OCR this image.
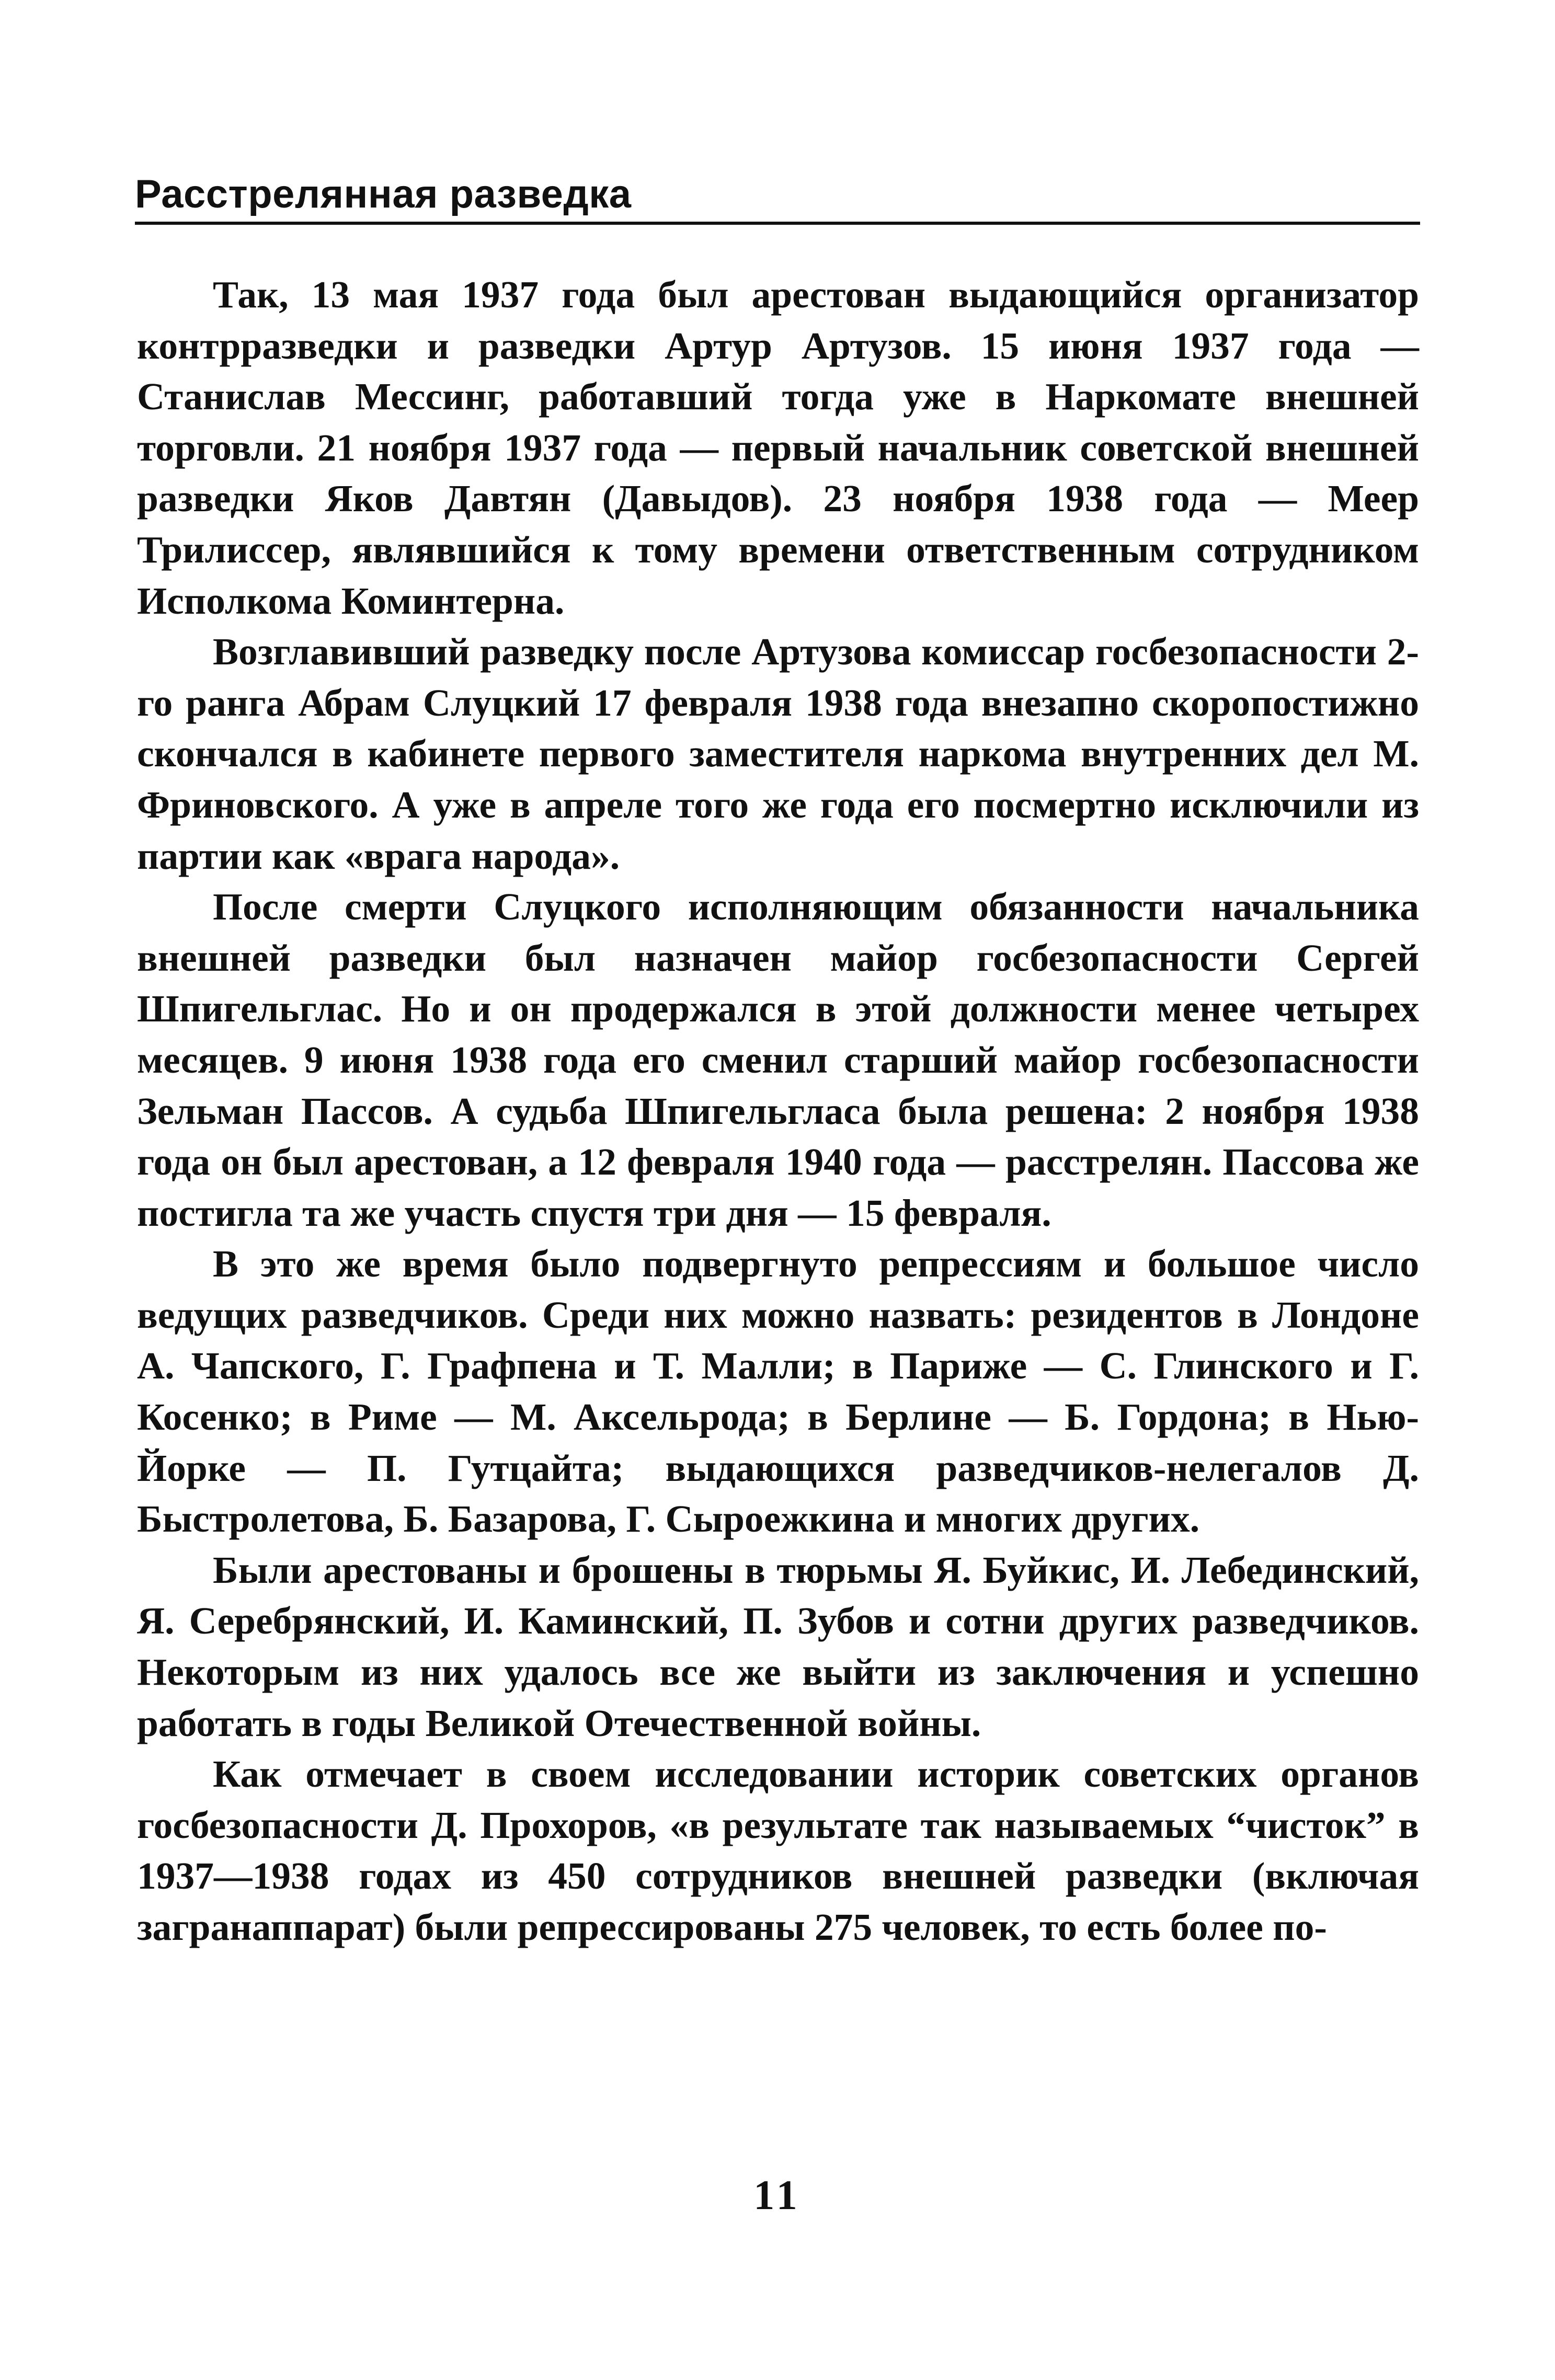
Расстрелянная разведка

Так, 13 мая 1937 года был арестован выдающийся организатор контрразведки и разведки Артур Артузов. 15 июня 1937 года — Станислав Мессинг, работавший тогда уже в Наркомате внешней торговли. 21 ноября 1937 года — первый начальник советской внешней разведки Яков Давтян (Давыдов). 23 ноября 1938 года — Меер Трилиссер, являвшийся к тому времени ответственным сотрудником Исполкома Коминтерна.

Возглавивший разведку после Артузова комиссар госбезопасности 2-го ранга Абрам Слуцкий 17 февраля 1938 года внезапно скоропостижно скончался в кабинете первого заместителя наркома внутренних дел М. Фриновского. А уже в апреле того же года его посмертно исключили из партии как «врага народа».

После смерти Слуцкого исполняющим обязанности начальника внешней разведки был назначен майор госбезопасности Сергей Шпигельглас. Но и он продержался в этой должности менее четырех месяцев. 9 июня 1938 года его сменил старший майор госбезопасности Зельман Пассов. А судьба Шпигельгласа была решена: 2 ноября 1938 года он был арестован, а 12 февраля 1940 года — расстрелян. Пассова же постигла та же участь спустя три дня — 15 февраля.

В это же время было подвергнуто репрессиям и большое число ведущих разведчиков. Среди них можно назвать: резидентов в Лондоне А. Чапского, Г. Графпена и Т. Малли; в Париже — С. Глинского и Г. Косенко; в Риме — М. Аксельрода; в Берлине — Б. Гордона; в Нью-Йорке — П. Гутцайта; выдающихся разведчиков-нелегалов Д. Быстролетова, Б. Базарова, Г. Сыроежкина и многих других.

Были арестованы и брошены в тюрьмы Я. Буйкис, И. Лебединский, Я. Серебрянский, И. Каминский, П. Зубов и сотни других разведчиков. Некоторым из них удалось все же выйти из заключения и успешно работать в годы Великой Отечественной войны.

Как отмечает в своем исследовании историк советских органов госбезопасности Д. Прохоров, «в результате так называемых “чисток” в 1937—1938 годах из 450 сотрудников внешней разведки (включая загранаппарат) были репрессированы 275 человек, то есть более по-

11
